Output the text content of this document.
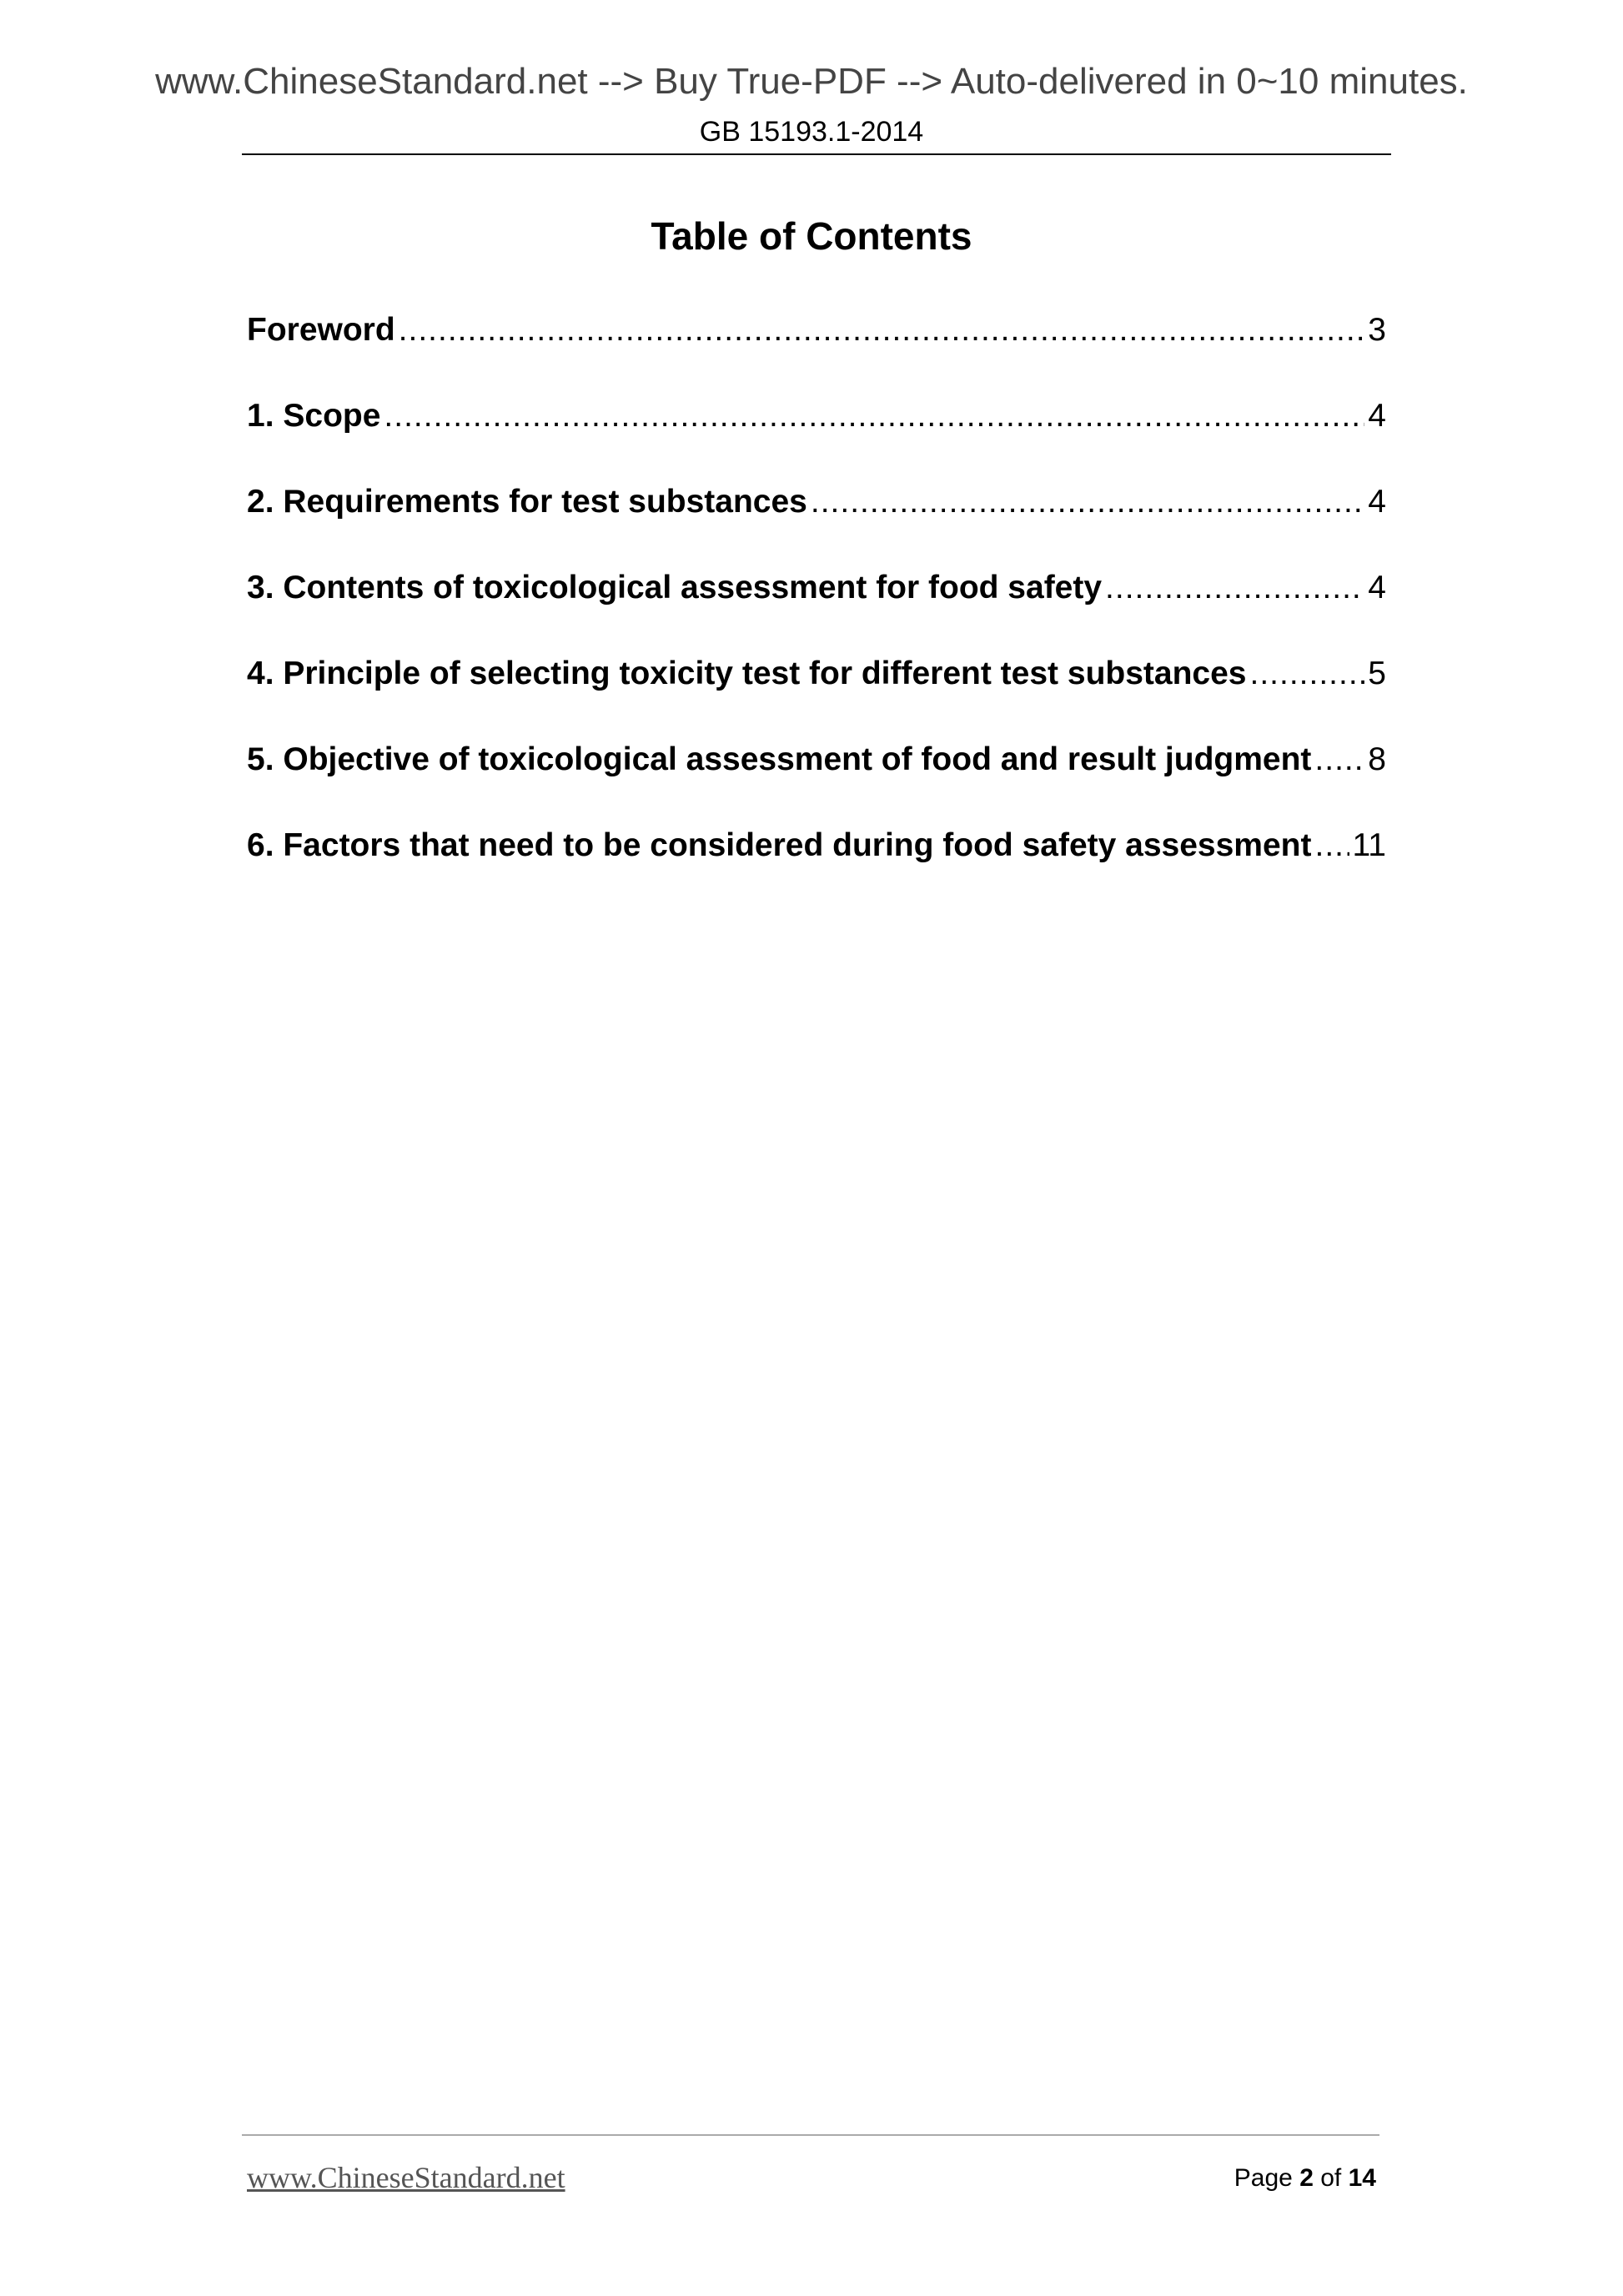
www.ChineseStandard.net --> Buy True-PDF --> Auto-delivered in 0~10 minutes.
GB 15193.1-2014
Table of Contents
Foreword .....	3
1. Scope .....	4
2. Requirements for test substances .....	4
3. Contents of toxicological assessment for food safety .....	4
4. Principle of selecting toxicity test for different test substances .....	5
5. Objective of toxicological assessment of food and result judgment ..... 8
6. Factors that need to be considered during food safety assessment ..... 11
www.ChineseStandard.net	Page 2 of 14
